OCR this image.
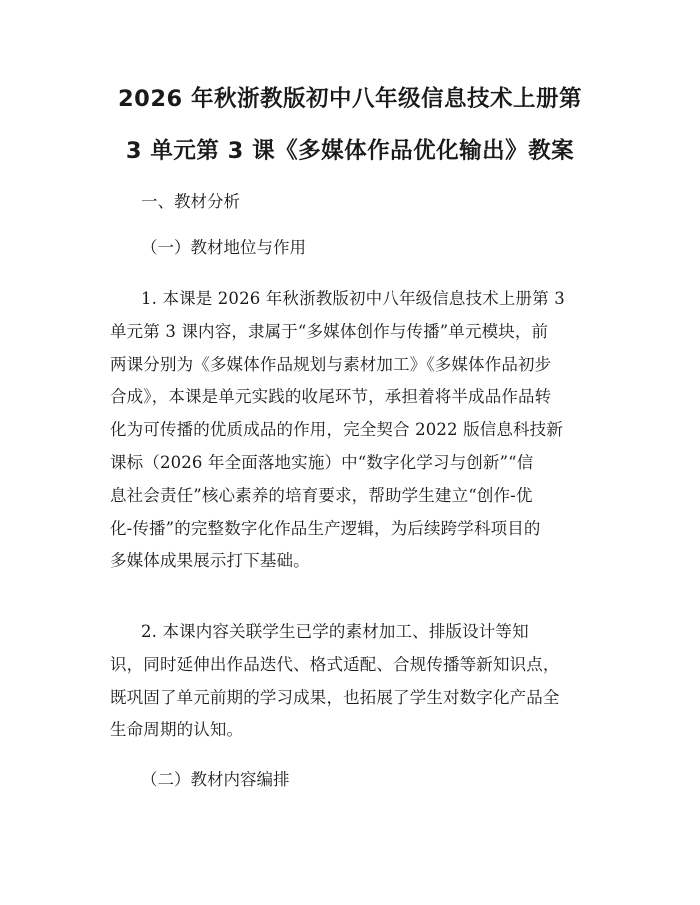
2026 年秋浙教版初中八年级信息技术上册第
3 单元第 3 课《多媒体作品优化输出》教案
一、教材分析
（一）教材地位与作用
1. 本课是 2026 年秋浙教版初中八年级信息技术上册第 3
单元第 3 课内容，隶属于“多媒体创作与传播”单元模块，前
两课分别为《多媒体作品规划与素材加工》《多媒体作品初步
合成》，本课是单元实践的收尾环节，承担着将半成品作品转
化为可传播的优质成品的作用，完全契合 2022 版信息科技新
课标（2026 年全面落地实施）中“数字化学习与创新”“信
息社会责任”核心素养的培育要求，帮助学生建立“创作-优
化-传播”的完整数字化作品生产逻辑，为后续跨学科项目的
多媒体成果展示打下基础。
2. 本课内容关联学生已学的素材加工、排版设计等知
识，同时延伸出作品迭代、格式适配、合规传播等新知识点，
既巩固了单元前期的学习成果，也拓展了学生对数字化产品全
生命周期的认知。
（二）教材内容编排
